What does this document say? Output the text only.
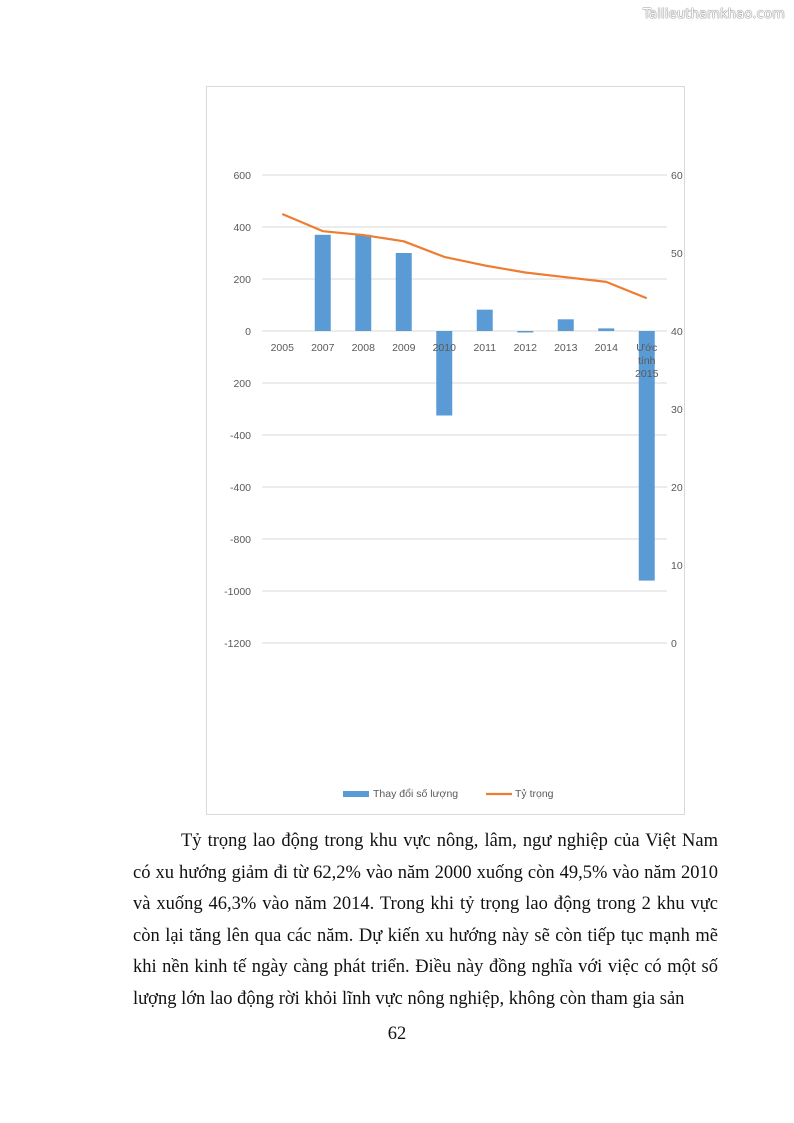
Tailieuthamkhao.com
600
400
200
0
200
-400
-400
-800
-1000
-1200
60
50
40
30
20
10
0
2005 2007 2008 2009 2010 2011 2012 2013 2014 Ước tính 2015
Thay đổi số lượng	Tỷ trọng

Tỷ trọng lao động trong khu vực nông, lâm, ngư nghiệp của Việt Nam có xu hướng giảm đi từ 62,2% vào năm 2000 xuống còn 49,5% vào năm 2010 và xuống 46,3% vào năm 2014. Trong khi tỷ trọng lao động trong 2 khu vực còn lại tăng lên qua các năm. Dự kiến xu hướng này sẽ còn tiếp tục mạnh mẽ khi nền kinh tế ngày càng phát triển. Điều này đồng nghĩa với việc có một số lượng lớn lao động rời khỏi lĩnh vực nông nghiệp, không còn tham gia sản

62
